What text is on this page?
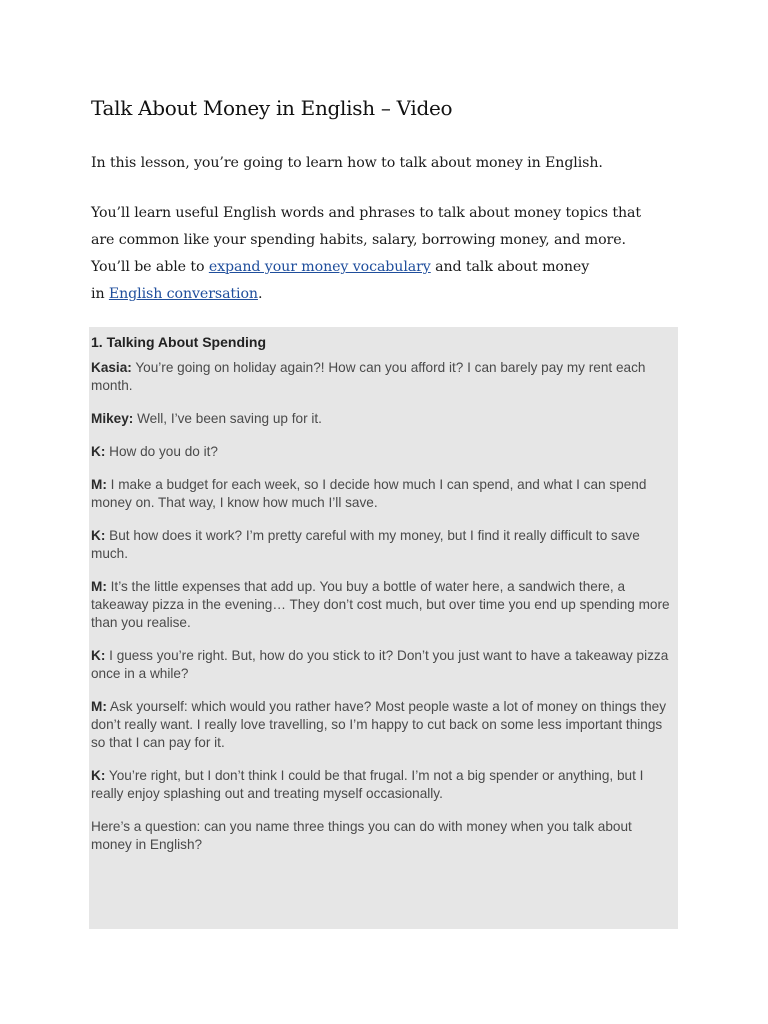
Talk About Money in English – Video

In this lesson, you’re going to learn how to talk about money in English.

You’ll learn useful English words and phrases to talk about money topics that
are common like your spending habits, salary, borrowing money, and more.
You’ll be able to expand your money vocabulary and talk about money
in English conversation.
1. Talking About Spending

Kasia: You’re going on holiday again?! How can you afford it? I can barely pay my rent each month.

Mikey: Well, I’ve been saving up for it.

K: How do you do it?

M: I make a budget for each week, so I decide how much I can spend, and what I can spend money on. That way, I know how much I’ll save.

K: But how does it work? I’m pretty careful with my money, but I find it really difficult to save much.

M: It’s the little expenses that add up. You buy a bottle of water here, a sandwich there, a takeaway pizza in the evening… They don’t cost much, but over time you end up spending more than you realise.

K: I guess you’re right. But, how do you stick to it? Don’t you just want to have a takeaway pizza once in a while?

M: Ask yourself: which would you rather have? Most people waste a lot of money on things they don’t really want. I really love travelling, so I’m happy to cut back on some less important things so that I can pay for it.

K: You’re right, but I don’t think I could be that frugal. I’m not a big spender or anything, but I really enjoy splashing out and treating myself occasionally.

Here’s a question: can you name three things you can do with money when you talk about money in English?
